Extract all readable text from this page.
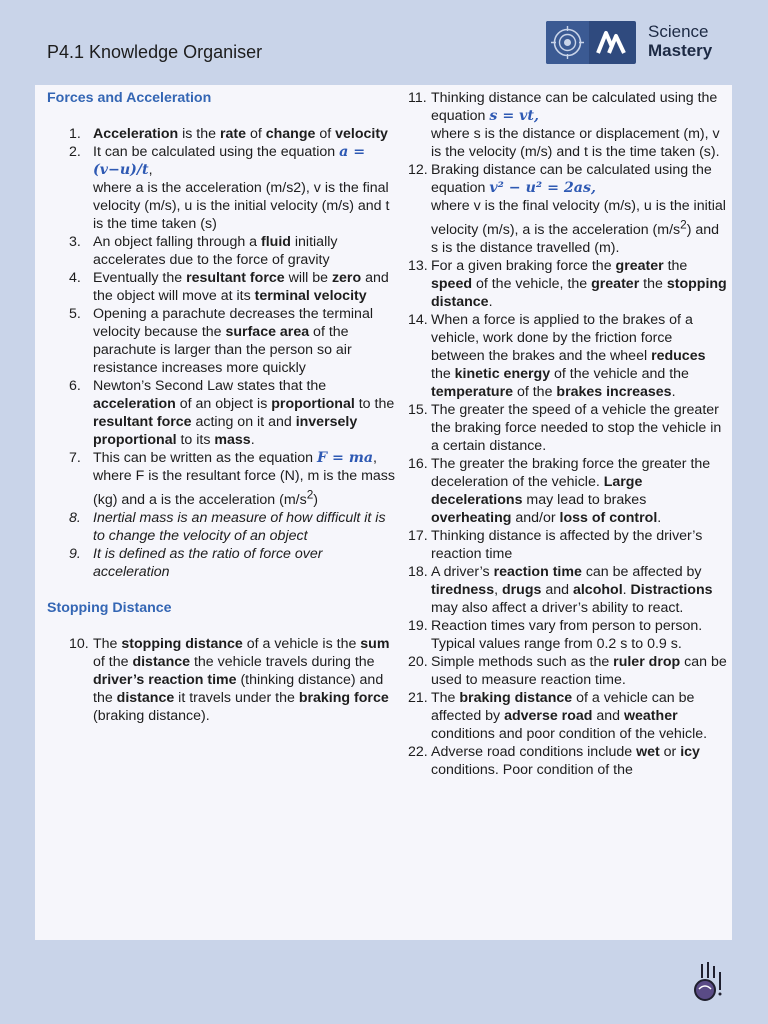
P4.1 Knowledge Organiser
Science
Mastery
Forces and Acceleration
1. Acceleration is the rate of change of velocity
2. It can be calculated using the equation a = (v−u)/t,
where a is the acceleration (m/s2), v is the final velocity (m/s), u is the initial velocity (m/s) and t is the time taken (s)
3. An object falling through a fluid initially accelerates due to the force of gravity
4. Eventually the resultant force will be zero and the object will move at its terminal velocity
5. Opening a parachute decreases the terminal velocity because the surface area of the parachute is larger than the person so air resistance increases more quickly
6. Newton’s Second Law states that the acceleration of an object is proportional to the resultant force acting on it and inversely proportional to its mass.
7. This can be written as the equation F = ma,
where F is the resultant force (N), m is the mass (kg) and a is the acceleration $(m/s^2)$
8. Inertial mass is an measure of how difficult it is to change the velocity of an object
9. It is defined as the ratio of force over acceleration
Stopping Distance
10. The stopping distance of a vehicle is the sum of the distance the vehicle travels during the driver’s reaction time (thinking distance) and the distance it travels under the braking force (braking distance).
11. Thinking distance can be calculated using the equation s = vt,
where s is the distance or displacement (m), v is the velocity (m/s) and t is the time taken (s).
12. Braking distance can be calculated using the equation v² − u² = 2as,
where v is the final velocity (m/s), u is the initial velocity (m/s), a is the acceleration $(m/s^2)$ and s is the distance travelled (m).
13. For a given braking force the greater the speed of the vehicle, the greater the stopping distance.
14. When a force is applied to the brakes of a vehicle, work done by the friction force between the brakes and the wheel reduces the kinetic energy of the vehicle and the temperature of the brakes increases.
15. The greater the speed of a vehicle the greater the braking force needed to stop the vehicle in a certain distance.
16. The greater the braking force the greater the deceleration of the vehicle. Large decelerations may lead to brakes overheating and/or loss of control.
17. Thinking distance is affected by the driver’s reaction time
18. A driver’s reaction time can be affected by tiredness, drugs and alcohol. Distractions may also affect a driver’s ability to react.
19. Reaction times vary from person to person. Typical values range from 0.2 s to 0.9 s.
20. Simple methods such as the ruler drop can be used to measure reaction time.
21. The braking distance of a vehicle can be affected by adverse road and weather conditions and poor condition of the vehicle.
22. Adverse road conditions include wet or icy conditions. Poor condition of the
